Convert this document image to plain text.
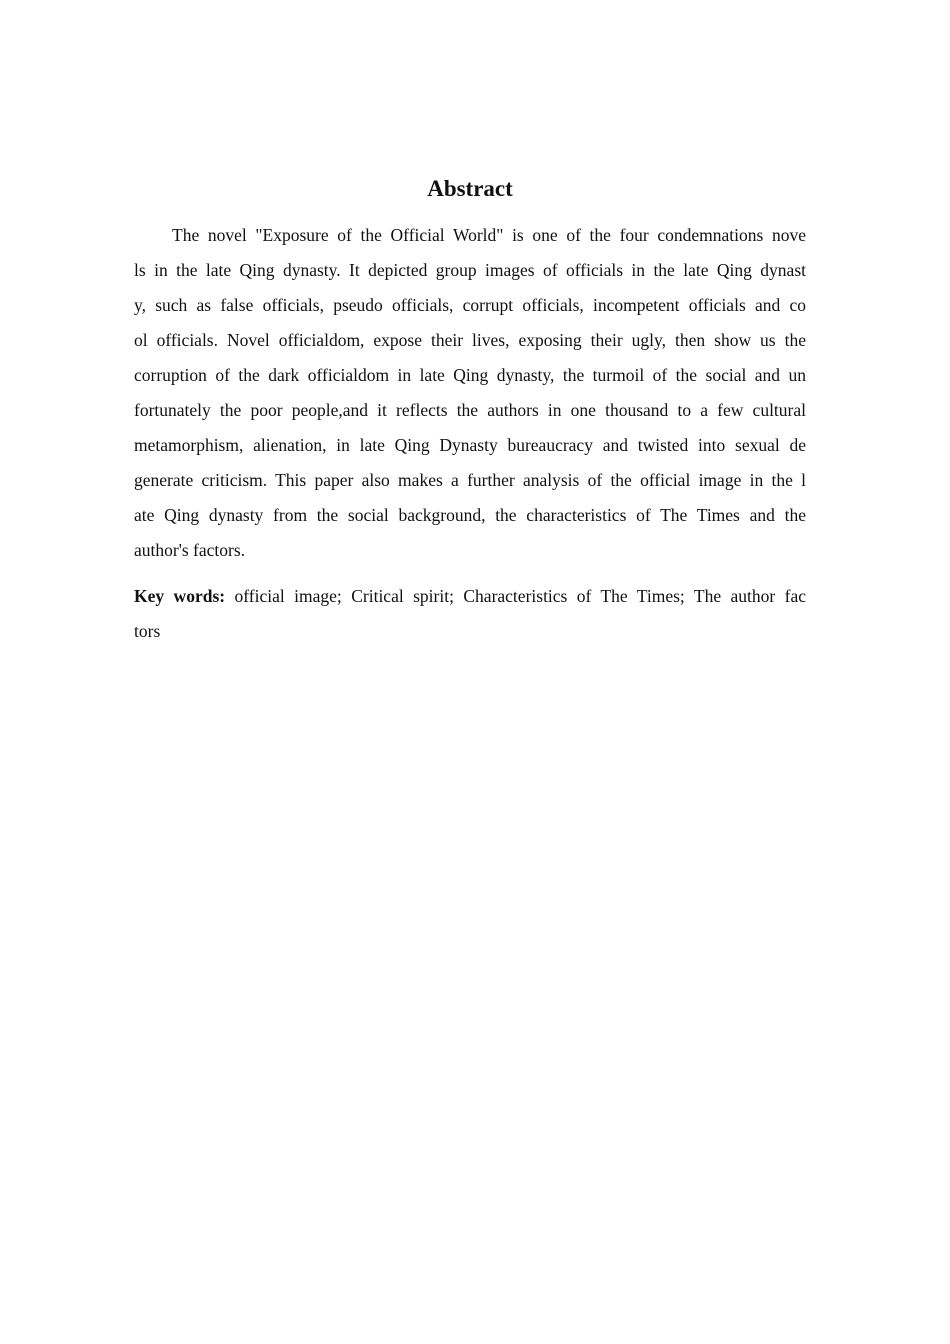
Abstract
The novel "Exposure of the Official World" is one of the four condemnations nove
ls in the late Qing dynasty. It depicted group images of officials in the late Qing dynast
y, such as false officials, pseudo officials, corrupt officials, incompetent officials and co
ol officials. Novel officialdom, expose their lives, exposing their ugly, then show us the
corruption of the dark officialdom in late Qing dynasty, the turmoil of the social and un
fortunately the poor people,and it reflects the authors in one thousand to a few cultural
metamorphism, alienation, in late Qing Dynasty bureaucracy and twisted into sexual de
generate criticism. This paper also makes a further analysis of the official image in the l
ate Qing dynasty from the social background, the characteristics of The Times and the
author's factors.
Key words: official image; Critical spirit; Characteristics of The Times; The author fac
tors
